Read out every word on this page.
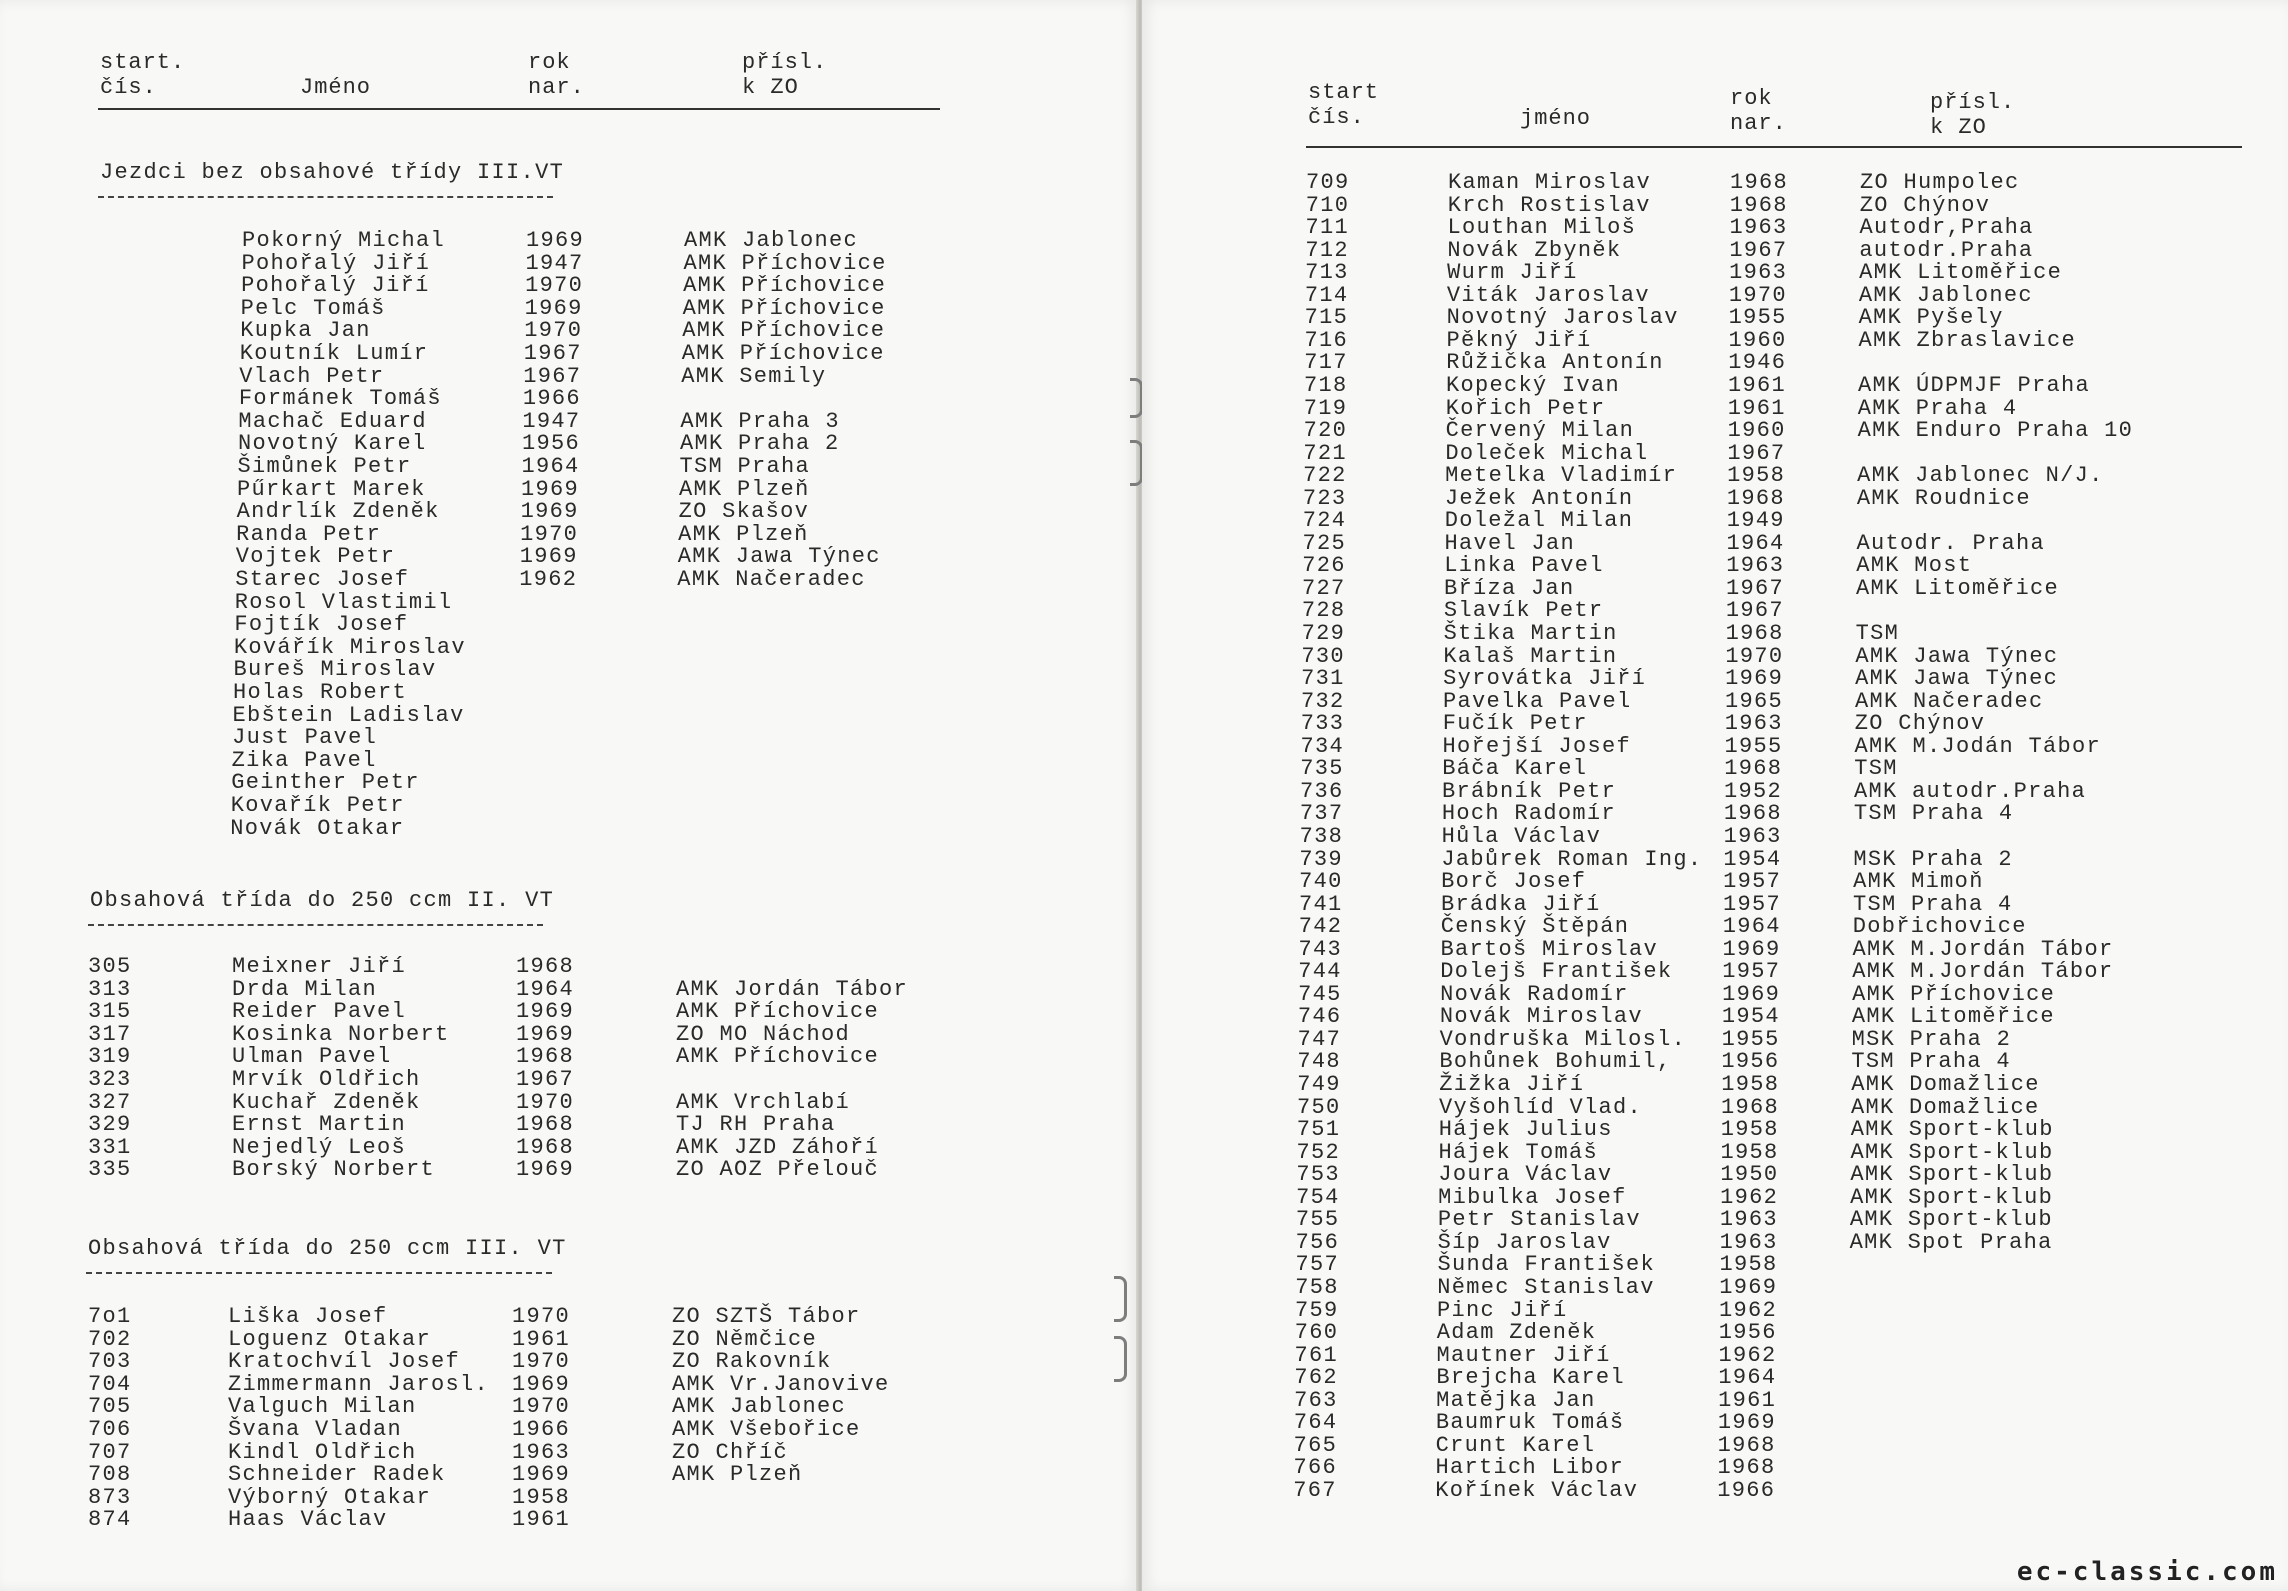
start.
čís.	Jméno
rok
nar.
přísl.
k ZO
Jezdci bez obsahové třídy III.VT
Pokorný Michal	1969	AMK Jablonec
Pohořalý Jiří	1947	AMK Příchovice
Pohořalý Jiří	1970	AMK Příchovice
Pelc Tomáš	1969	AMK Příchovice
Kupka Jan	1970	AMK Příchovice
Koutník Lumír	1967	AMK Příchovice
Vlach Petr	1967	AMK Semily
Formánek Tomáš	1966
Machač Eduard	1947	AMK Praha 3
Novotný Karel	1956	AMK Praha 2
Šimůnek Petr	1964	TSM Praha
Pűrkart Marek	1969	AMK Plzeň
Andrlík Zdeněk	1969	ZO Skašov
Randa Petr	1970	AMK Plzeň
Vojtek Petr	1969	AMK Jawa Týnec
Starec Josef	1962	AMK Načeradec
Rosol Vlastimil
Fojtík Josef
Kovářík Miroslav
Bureš Miroslav
Holas Robert
Ebštein Ladislav
Just Pavel
Zika Pavel
Geinther Petr
Kovařík Petr
Novák Otakar
Obsahová třída do 250 ccm II. VT
305	Meixner Jiří	1968
313	Drda Milan	1964	AMK Jordán Tábor
315	Reider Pavel	1969	AMK Příchovice
317	Kosinka Norbert	1969	ZO MO Náchod
319	Ulman Pavel	1968	AMK Příchovice
323	Mrvík Oldřich	1967
327	Kuchař Zdeněk	1970	AMK Vrchlabí
329	Ernst Martin	1968	TJ RH Praha
331	Nejedlý Leoš	1968	AMK JZD Záhoří
335	Borský Norbert	1969	ZO AOZ Přelouč
Obsahová třída do 250 ccm III. VT
7o1	Liška Josef	1970	ZO SZTŠ Tábor
702	Loguenz Otakar	1961	ZO Němčice
703	Kratochvíl Josef 1970	ZO Rakovník
704	Zimmermann Jarosl. 1969	AMK Vr.Janovive
705	Valguch Milan	1970	AMK Jablonec
706	Švana Vladan	1966	AMK Všebořice
707	Kindl Oldřich	1963	ZO Chříč
708	Schneider Radek	1969	AMK Plzeň
873	Výborný Otakar	1958
874	Haas Václav	1961
start
čís.	jméno
rok
nar.
přísl.
k ZO
709	Kaman Miroslav	1968	ZO Humpolec
710	Krch Rostislav	1968	ZO Chýnov
711	Louthan Miloš	1963	Autodr,Praha
712	Novák Zbyněk	1967	autodr.Praha
713	Wurm Jiří	1963	AMK Litoměřice
714	Viták Jaroslav	1970	AMK Jablonec
715	Novotný Jaroslav 1955	AMK Pyšely
716	Pěkný Jiří	1960	AMK Zbraslavice
717	Růžička Antonín	1946
718	Kopecký Ivan	1961	AMK ÚDPMJF Praha
719	Kořich Petr	1961	AMK Praha 4
720	Červený Milan	1960	AMK Enduro Praha 10
721	Doleček Michal	1967
722	Metelka Vladimír 1958	AMK Jablonec N/J.
723	Ježek Antonín	1968	AMK Roudnice
724	Doležal Milan	1949
725	Havel Jan	1964	Autodr. Praha
726	Linka Pavel	1963	AMK Most
727	Bříza Jan	1967	AMK Litoměřice
728	Slavík Petr	1967
729	Štika Martin	1968	TSM
730	Kalaš Martin	1970	AMK Jawa Týnec
731	Syrovátka Jiří	1969	AMK Jawa Týnec
732	Pavelka Pavel	1965	AMK Načeradec
733	Fučík Petr	1963	ZO Chýnov
734	Hořejší Josef	1955	AMK M.Jodán Tábor
735	Báča Karel	1968	TSM
736	Brábník Petr	1952	AMK autodr.Praha
737	Hoch Radomír	1968	TSM Praha 4
738	Hůla Václav	1963
739	Jabůrek Roman Ing. 1954	MSK Praha 2
740	Borč Josef	1957	AMK Mimoň
741	Brádka Jiří	1957	TSM Praha 4
742	Čenský Štěpán	1964	Dobřichovice
743	Bartoš Miroslav	1969	AMK M.Jordán Tábor
744	Dolejš František 1957	AMK M.Jordán Tábor
745	Novák Radomír	1969	AMK Příchovice
746	Novák Miroslav	1954	AMK Litoměřice
747	Vondruška Milosl. 1955	MSK Praha 2
748	Bohůnek Bohumil, 1956	TSM Praha 4
749	Žižka Jiří	1958	AMK Domažlice
750	Vyšohlíd Vlad.	1968	AMK Domažlice
751	Hájek Julius	1958	AMK Sport-klub
752	Hájek Tomáš	1958	AMK Sport-klub
753	Joura Václav	1950	AMK Sport-klub
754	Mibulka Josef	1962	AMK Sport-klub
755	Petr Stanislav	1963	AMK Sport-klub
756	Šíp Jaroslav	1963	AMK Spot Praha
757	Šunda František	1958
758	Němec Stanislav	1969
759	Pinc Jiří	1962
760	Adam Zdeněk	1956
761	Mautner Jiří	1962
762	Brejcha Karel	1964
763	Matějka Jan	1961
764	Baumruk Tomáš	1969
765	Crunt Karel	1968
766	Hartich Libor	1968
767	Kořínek Václav	1966
ec-classic.com
